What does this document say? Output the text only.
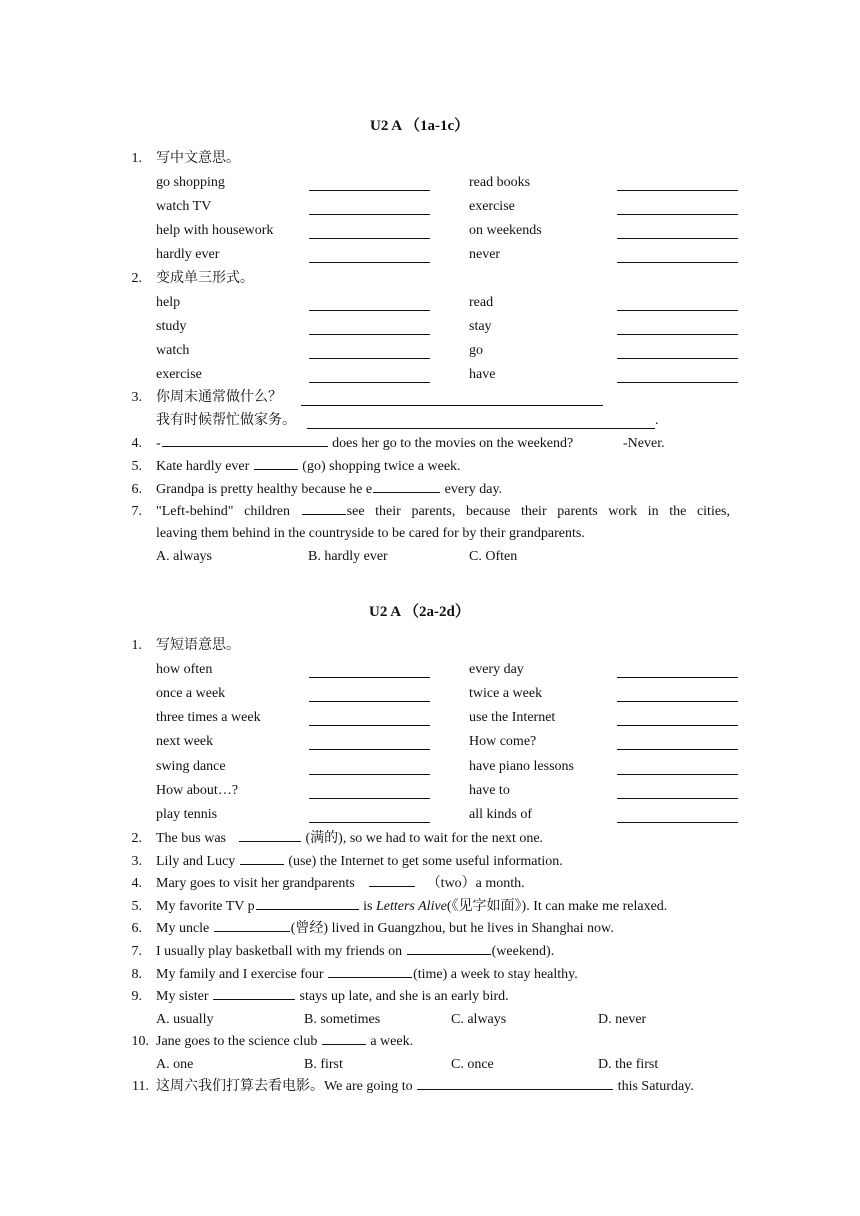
U2 A （1a-1c）
1. 写中文意思。
go shopping	read books
watch TV	exercise
help with housework	on weekends
hardly ever	never
2. 变成单三形式。
help	read
study	stay
watch	go
exercise	have
3. 你周末通常做什么？
我有时候帮忙做家务。	.
4. -	does her go to the movies on the weekend?	-Never.
5. Kate hardly ever	(go) shopping twice a week.
6. Grandpa is pretty healthy because he e	every day.
7. "Left-behind" children	see their parents, because their parents work in the cities,
leaving them behind in the countryside to be cared for by their grandparents.
A. always	B. hardly ever	C. Often
U2 A （2a-2d）
1. 写短语意思。
how often	every day
once a week	twice a week
three times a week	use the Internet
next week	How come?
swing dance	have piano lessons
How about…?	have to
play tennis	all kinds of
2. The bus was	(满的), so we had to wait for the next one.
3. Lily and Lucy	(use) the Internet to get some useful information.
4. Mary goes to visit her grandparents	（two）a month.
5. My favorite TV p	is Letters Alive(《见字如面》). It can make me relaxed.
6. My uncle	(曾经) lived in Guangzhou, but he lives in Shanghai now.
7. I usually play basketball with my friends on	(weekend).
8. My family and I exercise four	(time) a week to stay healthy.
9. My sister	stays up late, and she is an early bird.
A. usually	B. sometimes	C. always	D. never
10. Jane goes to the science club	a week.
A. one	B. first	C. once	D. the first
11. 这周六我们打算去看电影。We are going to	this Saturday.
